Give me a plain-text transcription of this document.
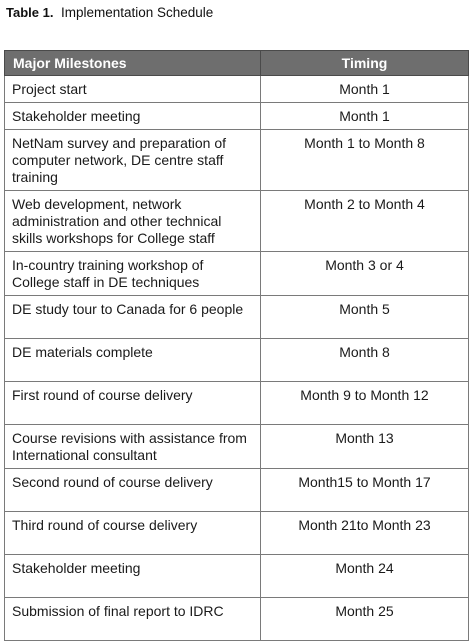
Table 1. Implementation Schedule
Major Milestones	Timing
Project start	Month 1
Stakeholder meeting	Month 1
NetNam survey and preparation of computer network, DE centre staff training	Month 1 to Month 8
Web development, network administration and other technical skills workshops for College staff	Month 2 to Month 4
In-country training workshop of College staff in DE techniques	Month 3 or 4
DE study tour to Canada for 6 people	Month 5
DE materials complete	Month 8
First round of course delivery	Month 9 to Month 12
Course revisions with assistance from International consultant	Month 13
Second round of course delivery	Month15 to Month 17
Third round of course delivery	Month 21to Month 23
Stakeholder meeting	Month 24
Submission of final report to IDRC	Month 25
